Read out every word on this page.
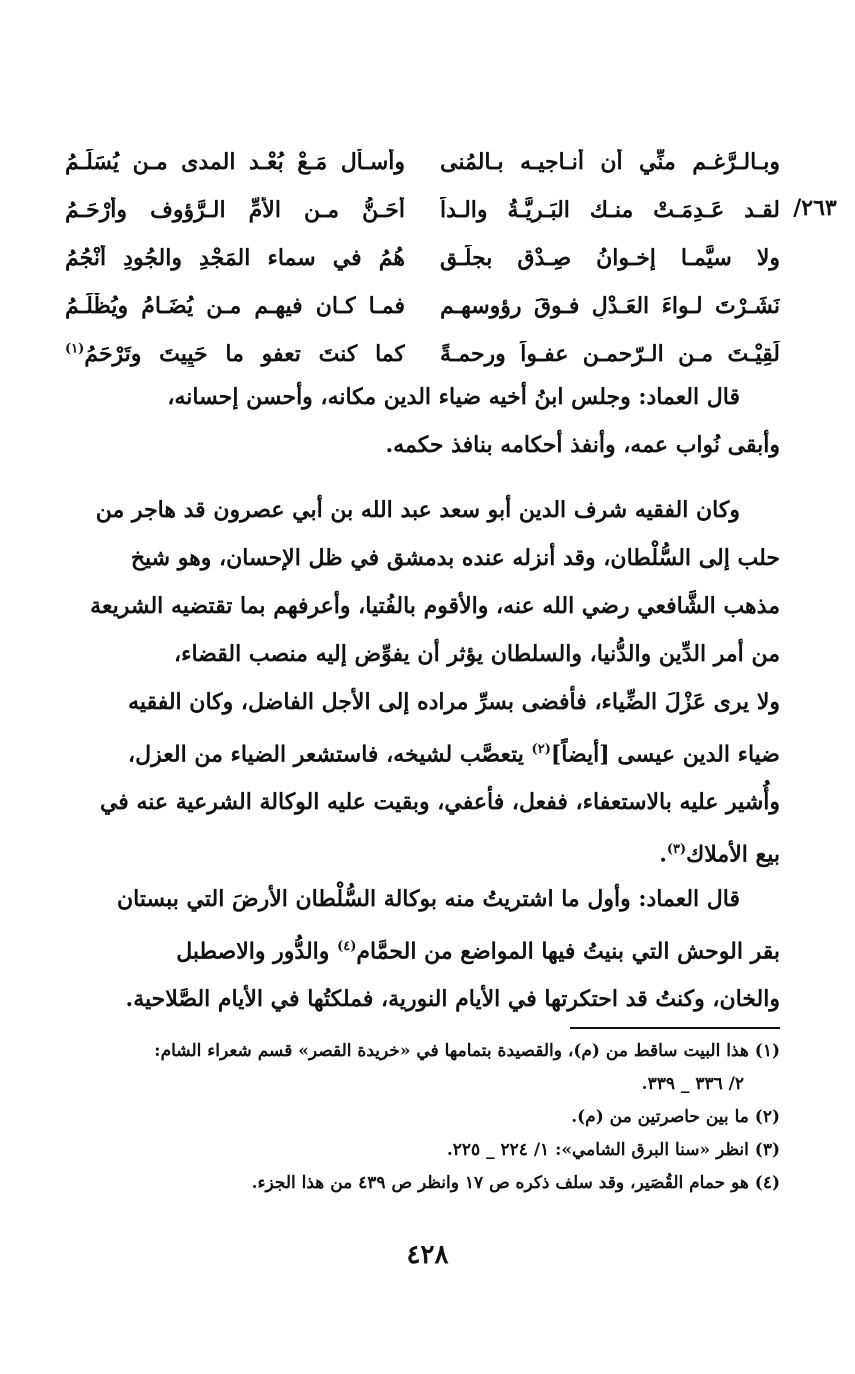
٢٦٣/
وبـالـرَّغـم منِّي أن أنـاجيـه بـالمُنى
وأسـأل مَـعْ بُعْـد المدى مـن يُسَلِّـمُ
لقـد عَـدِمَـتْ منـك البَـرِيَّـةُ والـداً
أَحَـنُّ مـن الأمِّ الـرَّؤوف وأَرْحَـمُ
ولا سيَّمـا إخـوانُ صِـدْقٍ بجلِّـقٍ
هُمُ في سماء المَجْدِ والجُودِ أَنْجُمُ
نَشَـرْتَ لـواءَ العَـدْلِ فـوقَ رؤوسهـم
فمـا كـان فيهـم مـن يُضَـامُ ويُظْلَـمُ
لَقِيْـتَ مـن الـرّحمـن عفـواً ورحمـةً
كما كنتَ تعفو ما حَيِيتَ وتَرْحَمُ$^{(١)}$
قال العماد: وجلس ابنُ أخيه ضياء الدين مكانه، وأحسن إحسانه،
وأبقى نُواب عمه، وأنفذ أحكامه بنافذ حكمه.
وكان الفقيه شرف الدين أبو سعد عبد الله بن أبي عصرون قد هاجر من
حلب إلى السُّلْطان، وقد أنزله عنده بدمشق في ظل الإحسان، وهو شيخ
مذهب الشَّافعي رضي الله عنه، والأقوم بالفُتيا، وأعرفهم بما تقتضيه الشريعة
من أمر الدِّين والدُّنيا، والسلطان يؤثر أن يفوِّض إليه منصب القضاء،
ولا يرى عَزْلَ الضِّياء، فأفضى بسرِّ مراده إلى الأجل الفاضل، وكان الفقيه
ضياء الدين عيسى [أيضاً]$^{(٢)}$ يتعصَّب لشيخه، فاستشعر الضياء من العزل،
وأُشير عليه بالاستعفاء، ففعل، فأعفي، وبقيت عليه الوكالة الشرعية عنه في
بيع الأملاك$^{(٣)}$.
قال العماد: وأول ما اشتريتُ منه بوكالة السُّلْطان الأرضَ التي ببستان
بقر الوحش التي بنيتُ فيها المواضع من الحمَّام$^{(٤)}$ والدُّور والاصطبل
والخان، وكنتُ قد احتكرتها في الأيام النورية، فملكتُها في الأيام الصَّلاحية.
(١) هذا البيت ساقط من (م)، والقصيدة بتمامها في «خريدة القصر» قسم شعراء الشام:
٢/ ٣٣٦ _ ٣٣٩.
(٢) ما بين حاصرتين من (م).
(٣) انظر «سنا البرق الشامي»: ١/ ٢٢٤ _ ٢٢٥.
(٤) هو حمام القُصَير، وقد سلف ذكره ص ١٧ وانظر ص ٤٣٩ من هذا الجزء.
٤٢٨
